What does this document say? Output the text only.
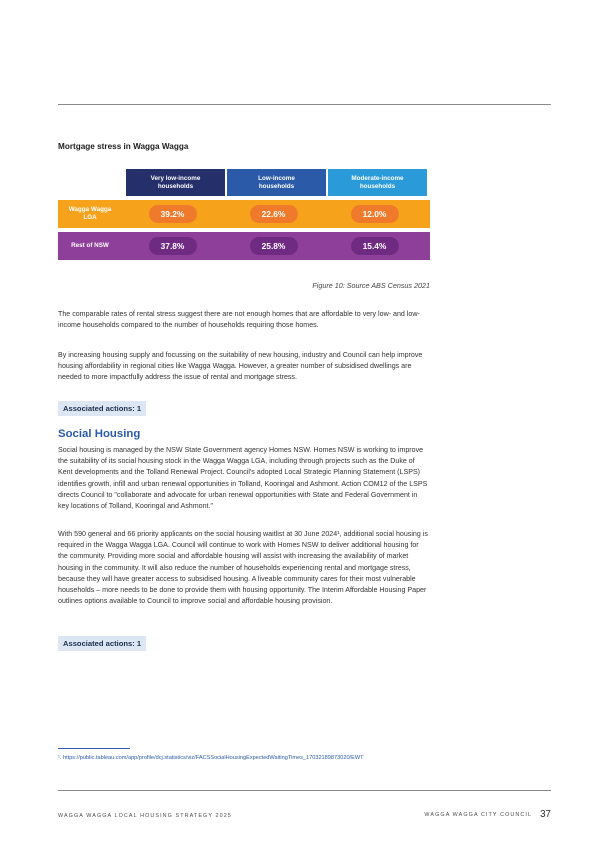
Mortgage stress in Wagga Wagga
Very low-income
households
Low-income
households
Moderate-income
households
Wagga Wagga
LGA	39.2%	22.6%	12.0%
Rest of NSW	37.8%	25.8%	15.4%
Figure 10: Source ABS Census 2021

The comparable rates of rental stress suggest there are not enough homes that are affordable to very low- and low-income households compared to the number of households requiring those homes.

By increasing housing supply and focussing on the suitability of new housing, industry and Council can help improve housing affordability in regional cities like Wagga Wagga. However, a greater number of subsidised dwellings are needed to more impactfully address the issue of rental and mortgage stress.

Associated actions: 1
Social Housing

Social housing is managed by the NSW State Government agency Homes NSW. Homes NSW is working to improve the suitability of its social housing stock in the Wagga Wagga LGA, including through projects such as the Duke of Kent developments and the Tolland Renewal Project. Council's adopted Local Strategic Planning Statement (LSPS) identifies growth, infill and urban renewal opportunities in Tolland, Kooringal and Ashmont. Action COM12 of the LSPS directs Council to "collaborate and advocate for urban renewal opportunities with State and Federal Government in key locations of Tolland, Kooringal and Ashmont."

With 590 general and 66 priority applicants on the social housing waitlist at 30 June 2024¹, additional social housing is required in the Wagga Wagga LGA. Council will continue to work with Homes NSW to deliver additional housing for the community. Providing more social and affordable housing will assist with increasing the availability of market housing in the community. It will also reduce the number of households experiencing rental and mortgage stress, because they will have greater access to subsidised housing. A liveable community cares for their most vulnerable households – more needs to be done to provide them with housing opportunity. The Interim Affordable Housing Paper outlines options available to Council to improve social and affordable housing provision.

Associated actions: 1
¹. https://public.tableau.com/app/profile/dcj.statistics/viz/FACSSocialHousingExpectedWaitingTimes_17032189873020/EWT
WAGGA WAGGA LOCAL HOUSING STRATEGY 2025	WAGGA WAGGA CITY COUNCIL 37
